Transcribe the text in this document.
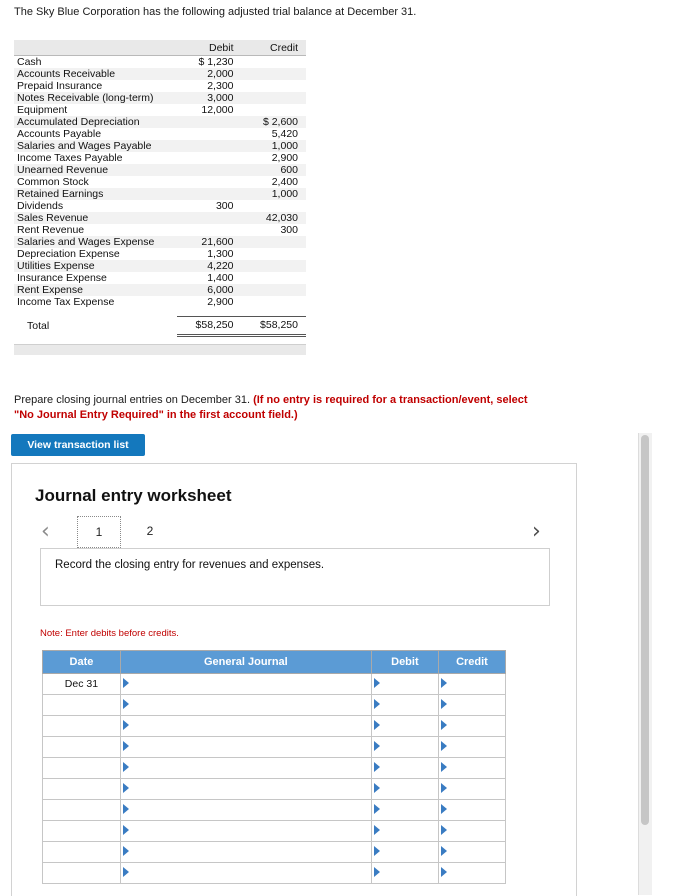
The Sky Blue Corporation has the following adjusted trial balance at December 31.
	Debit	Credit
Cash	$ 1,230	
Accounts Receivable	2,000	
Prepaid Insurance	2,300	
Notes Receivable (long-term)	3,000	
Equipment	12,000	
Accumulated Depreciation		$ 2,600
Accounts Payable		5,420
Salaries and Wages Payable		1,000
Income Taxes Payable		2,900
Unearned Revenue		600
Common Stock		2,400
Retained Earnings		1,000
Dividends	300	
Sales Revenue		42,030
Rent Revenue		300
Salaries and Wages Expense	21,600	
Depreciation Expense	1,300	
Utilities Expense	4,220	
Insurance Expense	1,400	
Rent Expense	6,000	
Income Tax Expense	2,900	

Total	$58,250	$58,250
Prepare closing journal entries on December 31. (If no entry is required for a transaction/event, select
"No Journal Entry Required" in the first account field.)
View transaction list
Journal entry worksheet
‹	1	2	›
Record the closing entry for revenues and expenses.
Note: Enter debits before credits.
Date	General Journal	Debit	Credit
Dec 31	
